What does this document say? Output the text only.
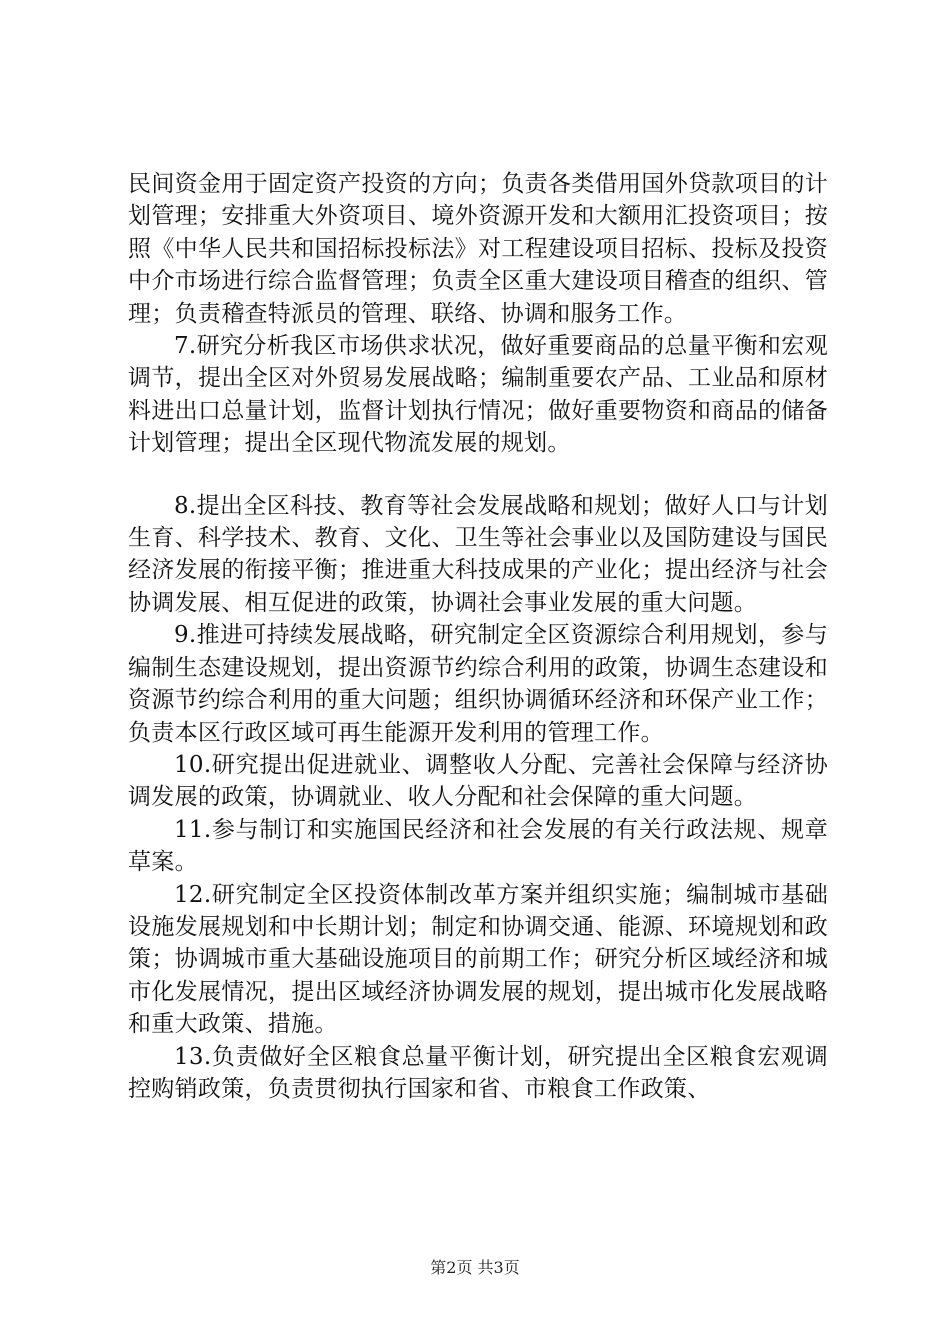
民间资金用于固定资产投资的方向；负责各类借用国外贷款项目的计划管理；安排重大外资项目、境外资源开发和大额用汇投资项目；按照《中华人民共和国招标投标法》对工程建设项目招标、投标及投资中介市场进行综合监督管理；负责全区重大建设项目稽查的组织、管理；负责稽查特派员的管理、联络、协调和服务工作。

7.研究分析我区市场供求状况，做好重要商品的总量平衡和宏观调节，提出全区对外贸易发展战略；编制重要农产品、工业品和原材料进出口总量计划，监督计划执行情况；做好重要物资和商品的储备计划管理；提出全区现代物流发展的规划。

8.提出全区科技、教育等社会发展战略和规划；做好人口与计划生育、科学技术、教育、文化、卫生等社会事业以及国防建设与国民经济发展的衔接平衡；推进重大科技成果的产业化；提出经济与社会协调发展、相互促进的政策，协调社会事业发展的重大问题。

9.推进可持续发展战略，研究制定全区资源综合利用规划，参与编制生态建设规划，提出资源节约综合利用的政策，协调生态建设和资源节约综合利用的重大问题；组织协调循环经济和环保产业工作；负责本区行政区域可再生能源开发利用的管理工作。

10.研究提出促进就业、调整收人分配、完善社会保障与经济协调发展的政策，协调就业、收人分配和社会保障的重大问题。

11.参与制订和实施国民经济和社会发展的有关行政法规、规章草案。

12.研究制定全区投资体制改革方案并组织实施；编制城市基础设施发展规划和中长期计划；制定和协调交通、能源、环境规划和政策；协调城市重大基础设施项目的前期工作；研究分析区域经济和城市化发展情况，提出区域经济协调发展的规划，提出城市化发展战略和重大政策、措施。

13.负责做好全区粮食总量平衡计划，研究提出全区粮食宏观调控购销政策，负责贯彻执行国家和省、市粮食工作政策、

第2页 共3页
